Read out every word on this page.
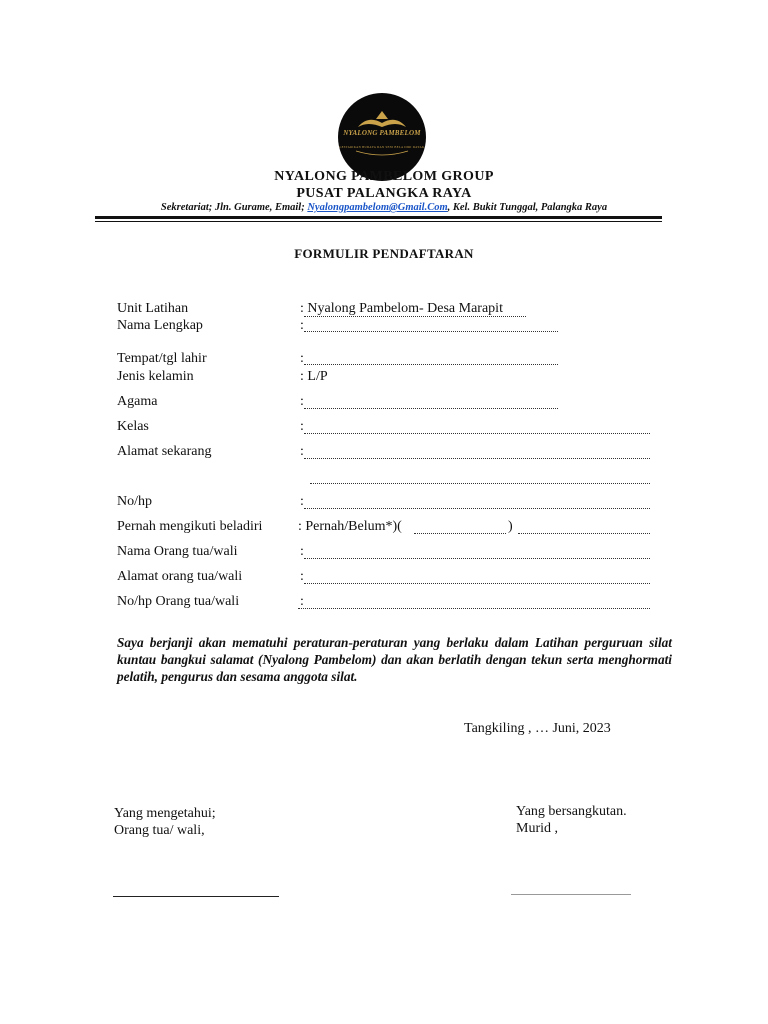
NYALONG PAMBELOM
LESTARIKAN BUDAYA DAN SENI BELA DIRI DAYAK
NYALONG PAMBELOM GROUP
PUSAT PALANGKA RAYA
Sekretariat; Jln. Gurame, Email; Nyalongpambelom@Gmail.Com, Kel. Bukit Tunggal, Palangka Raya
FORMULIR PENDAFTARAN
Unit Latihan	: Nyalong Pambelom- Desa Marapit
Nama Lengkap	:
Tempat/tgl lahir	:
Jenis kelamin	: L/P
Agama	:
Kelas	:
Alamat sekarang	:
No/hp	:
Pernah mengikuti beladiri	: Pernah/Belum*)(	)
Nama Orang tua/wali	:
Alamat orang tua/wali	:
No/hp Orang tua/wali	:
Saya berjanji akan mematuhi peraturan-peraturan yang berlaku dalam Latihan perguruan silat kuntau bangkui salamat (Nyalong Pambelom) dan akan berlatih dengan tekun serta menghormati pelatih, pengurus dan sesama anggota silat.
Tangkiling , … Juni, 2023
Yang mengetahui;
Orang tua/ wali,
Yang bersangkutan.
Murid ,
